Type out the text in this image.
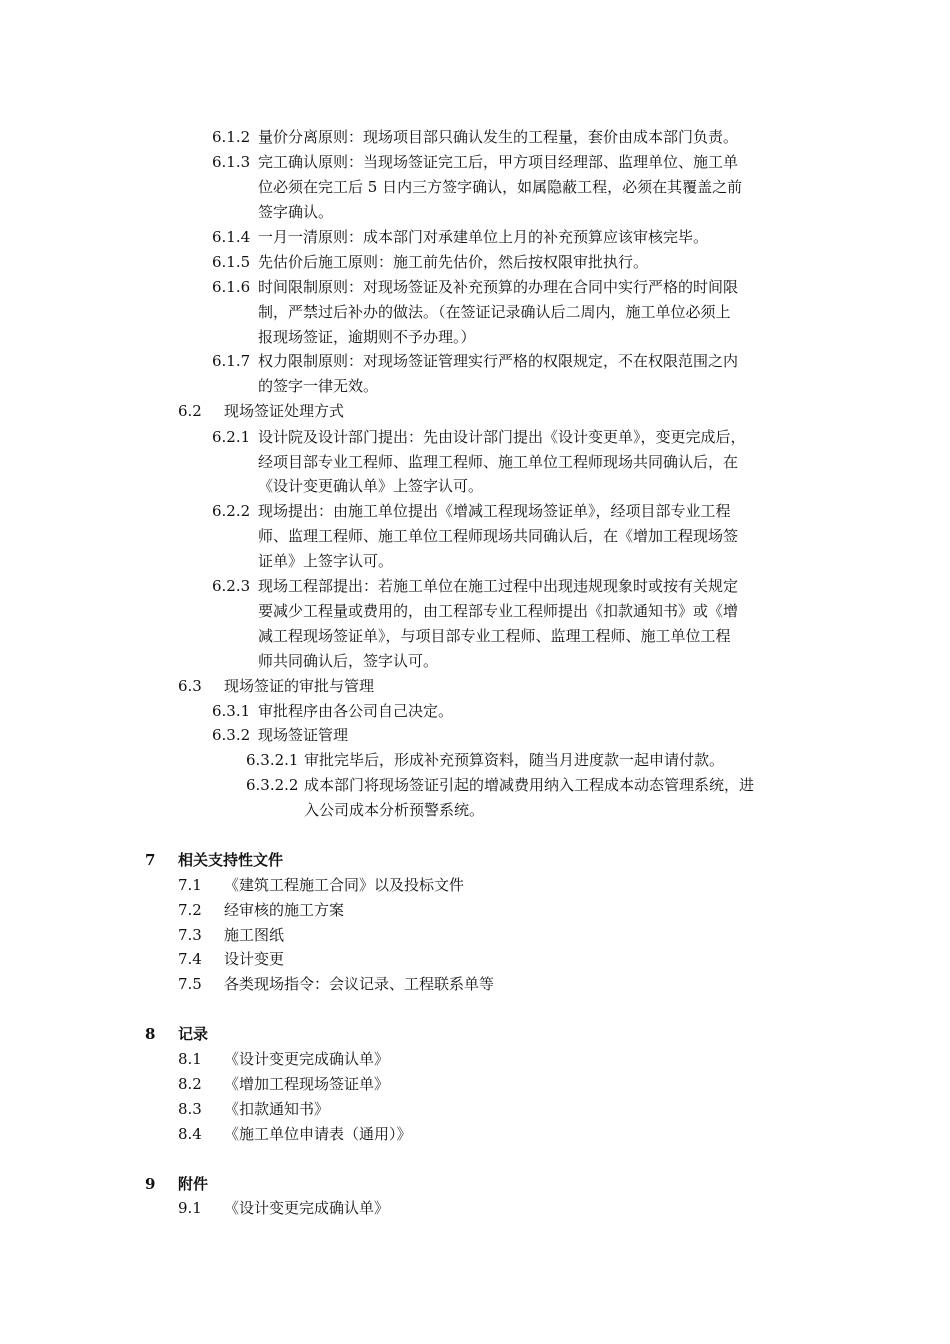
6.1.2 量价分离原则：现场项目部只确认发生的工程量，套价由成本部门负责。
6.1.3 完工确认原则：当现场签证完工后，甲方项目经理部、监理单位、施工单
位必须在完工后 5 日内三方签字确认，如属隐蔽工程，必须在其覆盖之前
签字确认。
6.1.4 一月一清原则：成本部门对承建单位上月的补充预算应该审核完毕。
6.1.5 先估价后施工原则：施工前先估价，然后按权限审批执行。
6.1.6 时间限制原则：对现场签证及补充预算的办理在合同中实行严格的时间限
制，严禁过后补办的做法。（在签证记录确认后二周内，施工单位必须上
报现场签证，逾期则不予办理。）
6.1.7 权力限制原则：对现场签证管理实行严格的权限规定，不在权限范围之内
的签字一律无效。
6.2 现场签证处理方式
6.2.1 设计院及设计部门提出：先由设计部门提出《设计变更单》，变更完成后，
经项目部专业工程师、监理工程师、施工单位工程师现场共同确认后，在
《设计变更确认单》上签字认可。
6.2.2 现场提出：由施工单位提出《增减工程现场签证单》，经项目部专业工程
师、监理工程师、施工单位工程师现场共同确认后，在《增加工程现场签
证单》上签字认可。
6.2.3 现场工程部提出：若施工单位在施工过程中出现违规现象时或按有关规定
要减少工程量或费用的，由工程部专业工程师提出《扣款通知书》或《增
减工程现场签证单》，与项目部专业工程师、监理工程师、施工单位工程
师共同确认后，签字认可。
6.3 现场签证的审批与管理
6.3.1 审批程序由各公司自己决定。
6.3.2 现场签证管理
6.3.2.1 审批完毕后，形成补充预算资料，随当月进度款一起申请付款。
6.3.2.2 成本部门将现场签证引起的增减费用纳入工程成本动态管理系统，进
入公司成本分析预警系统。
7 相关支持性文件
7.1 《建筑工程施工合同》以及投标文件
7.2 经审核的施工方案
7.3 施工图纸
7.4 设计变更
7.5 各类现场指令：会议记录、工程联系单等
8 记录
8.1 《设计变更完成确认单》
8.2 《增加工程现场签证单》
8.3 《扣款通知书》
8.4 《施工单位申请表（通用）》
9 附件
9.1 《设计变更完成确认单》
